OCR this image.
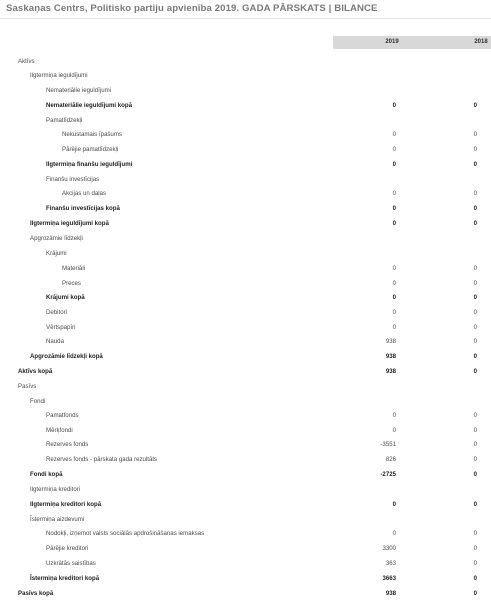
Saskaņas Centrs, Politisko partiju apvienība 2019. GADA PĀRSKATS | BILANCE
2019	2018
Aktīvs
Ilgtermiņa ieguldījumi
Nemateriālie ieguldījumi
Nemateriālie ieguldījumi kopā	0	0
Pamatlīdzekļi
Nekustamais īpašums	0	0
Pārējie pamatlīdzekļi	0	0
Ilgtermiņa finanšu ieguldījumi	0	0
Finanšu investīcijas
Akcijas un daļas	0	0
Finanšu investīcijas kopā	0	0
Ilgtermiņa ieguldījumi kopā	0	0
Apgrozāmie līdzekļi
Krājumi
Materiāli	0	0
Preces	0	0
Krājumi kopā	0	0
Debitori	0	0
Vērtspapīri	0	0
Nauda	938	0
Apgrozāmie līdzekļi kopā	938	0
Aktīvs kopā	938	0
Pasīvs
Fondi
Pamatfonds	0	0
Mērķfondi	0	0
Rezerves fonds	-3551	0
Rezerves fonds - pārskata gada rezultāts	826	0
Fondi kopā	-2725	0
Ilgtermiņa kreditori
Ilgtermiņa kreditori kopā	0	0
Īstermiņa aizdevumi
Nodokļi, izņemot valsts sociālās apdrošināšanas iemaksas	0	0
Pārējie kreditori	3300	0
Uzkrātās saistības	363	0
Īstermiņa kreditori kopā	3663	0
Pasīvs kopā	938	0
